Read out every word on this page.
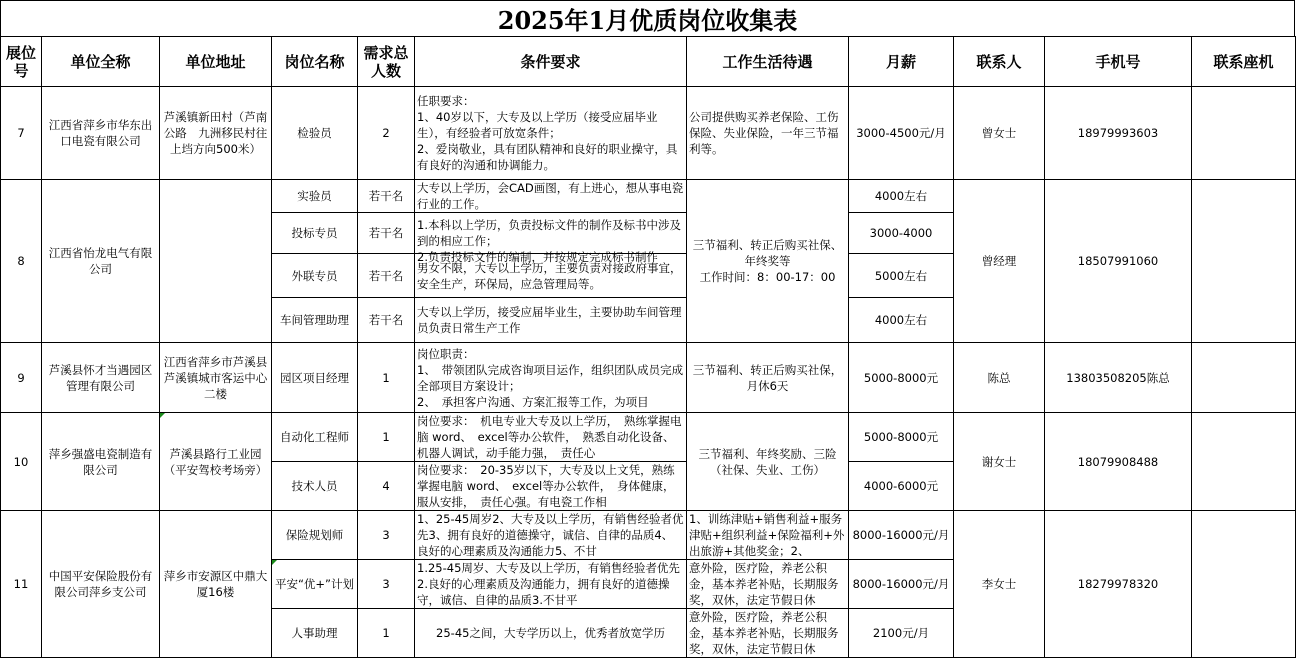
2025年1月优质岗位收集表
展位号	单位全称	单位地址	岗位名称	需求总人数	条件要求	工作生活待遇	月薪	联系人	手机号	联系座机
7	江西省萍乡市华东出口电瓷有限公司	芦溪镇新田村（芦南公路　九洲移民村往上垱方向500米）	检验员	2	任职要求：
1、40岁以下，大专及以上学历（接受应届毕业生），有经验者可放宽条件；
2、爱岗敬业，具有团队精神和良好的职业操守，具有良好的沟通和协调能力。	公司提供购买养老保险、工伤保险、失业保险，一年三节福利等。	3000-4500元/月	曾女士	18979993603	
8	江西省怡龙电气有限公司		实验员	若干名	大专以上学历，会CAD画图，有上进心，想从事电瓷行业的工作。	三节福利、转正后购买社保、年终奖等
工作时间：8：00-17：00	4000左右	曾经理	18507991060	
			投标专员	若干名	1.本科以上学历，负责投标文件的制作及标书中涉及到的相应工作；
2.负责投标文件的编制，并按规定完成标书制作		3000-4000			
			外联专员	若干名	男女不限，大专以上学历，主要负责对接政府事宜，安全生产，环保局，应急管理局等。		5000左右			
			车间管理助理	若干名	大专以上学历，接受应届毕业生，主要协助车间管理员负责日常生产工作		4000左右			
9	芦溪县怀才当遇园区管理有限公司	江西省萍乡市芦溪县芦溪镇城市客运中心二楼	园区项目经理	1	岗位职责：
1、　带领团队完成咨询项目运作，组织团队成员完成全部项目方案设计；
2、　承担客户沟通、方案汇报等工作，为项目	三节福利、转正后购买社保，月休6天	5000-8000元	陈总	13803508205陈总	
10	萍乡强盛电瓷制造有限公司	芦溪县路行工业园（平安驾校考场旁）	自动化工程师	1	岗位要求：　机电专业大专及以上学历，　熟练掌握电脑 word、　excel等办公软件，　熟悉自动化设备、机器人调试，动手能力强，　责任心	三节福利、年终奖励、三险（社保、失业、工伤）	5000-8000元	谢女士	18079908488	
			技术人员	4	岗位要求：　20-35岁以下，大专及以上文凭，熟练掌握电脑 word、　excel等办公软件，　身体健康，服从安排，　责任心强。有电瓷工作相		4000-6000元			
11	中国平安保险股份有限公司萍乡支公司	萍乡市安源区中鼎大厦16楼	保险规划师	3	1、25-45周岁2、大专及以上学历，有销售经验者优先3、拥有良好的道德操守，诚信、自律的品质4、良好的心理素质及沟通能力5、不甘	1、训练津贴+销售利益+服务津贴+组织利益+保险福利+外出旅游+其他奖金；2、	8000-16000元/月	李女士	18279978320	

			平安“优+”计划	3	1.25-45周岁、大专及以上学历，有销售经验者优先2.良好的心理素质及沟通能力，拥有良好的道德操守，诚信、自律的品质3.不甘平	意外险，医疗险，养老公积金，基本养老补贴，长期服务奖，双休，法定节假日休	8000-16000元/月			
			人事助理	1	25-45之间，大专学历以上，优秀者放宽学历	意外险，医疗险，养老公积金，基本养老补贴，长期服务奖，双休，法定节假日休	2100元/月			
